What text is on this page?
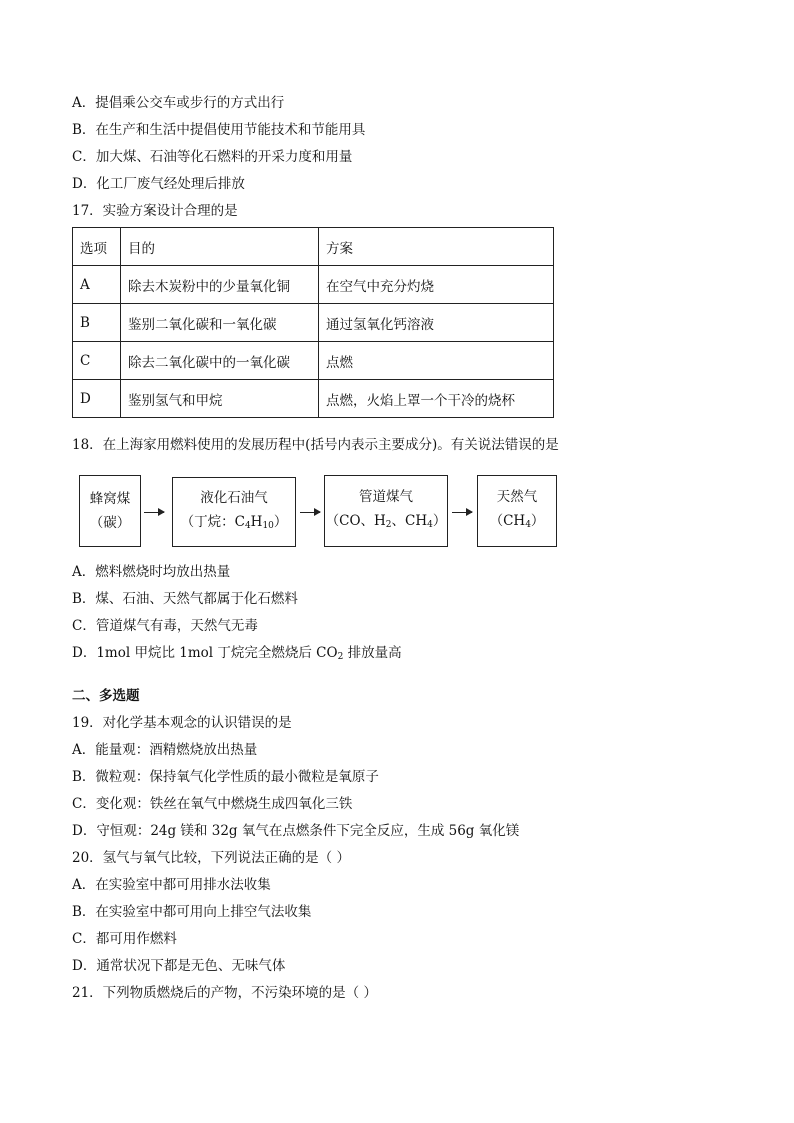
A．提倡乘公交车或步行的方式出行
B．在生产和生活中提倡使用节能技术和节能用具
C．加大煤、石油等化石燃料的开采力度和用量
D．化工厂废气经处理后排放
17．实验方案设计合理的是
选项	目的	方案
A	除去木炭粉中的少量氧化铜	在空气中充分灼烧
B	鉴别二氧化碳和一氧化碳	通过氢氧化钙溶液
C	除去二氧化碳中的一氧化碳	点燃
D	鉴别氢气和甲烷	点燃，火焰上罩一个干冷的烧杯
18．在上海家用燃料使用的发展历程中(括号内表示主要成分)。有关说法错误的是
蜂窝煤
（碳）
液化石油气
（丁烷：$C_4H_{10}$）
管道煤气
（CO、$H_2$、$CH_4$）
天然气
$(CH_4)$
A．燃料燃烧时均放出热量
B．煤、石油、天然气都属于化石燃料
C．管道煤气有毒，天然气无毒
D．1mol 甲烷比 1mol 丁烷完全燃烧后 $CO_2$ 排放量高
二、多选题
19．对化学基本观念的认识错误的是
A．能量观：酒精燃烧放出热量
B．微粒观：保持氧气化学性质的最小微粒是氧原子
C．变化观：铁丝在氧气中燃烧生成四氧化三铁
D．守恒观：24g 镁和 32g 氧气在点燃条件下完全反应，生成 56g 氧化镁
20．氢气与氧气比较，下列说法正确的是（ ）
A．在实验室中都可用排水法收集
B．在实验室中都可用向上排空气法收集
C．都可用作燃料
D．通常状况下都是无色、无味气体
21．下列物质燃烧后的产物，不污染环境的是（ ）
